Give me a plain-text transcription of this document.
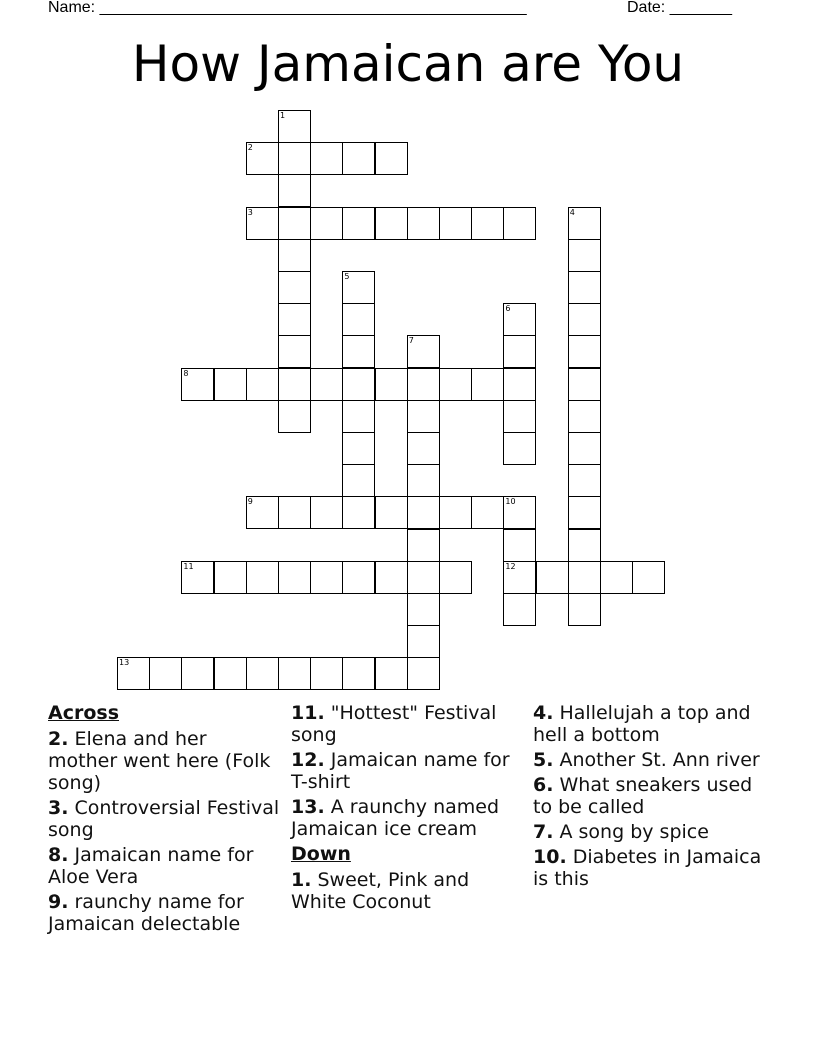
Name: ________________________________________________	Date: _______
How Jamaican are You
2
3
8
9	10
11	12
13
1
4
5
6
7
Across
2. Elena and her mother went here (Folk song)
3. Controversial Festival song
8. Jamaican name for Aloe Vera
9. raunchy name for Jamaican delectable
11. "Hottest" Festival song
12. Jamaican name for T-shirt
13. A raunchy named Jamaican ice cream
Down
1. Sweet, Pink and White Coconut
4. Hallelujah a top and hell a bottom
5. Another St. Ann river
6. What sneakers used to be called
7. A song by spice
10. Diabetes in Jamaica is this
